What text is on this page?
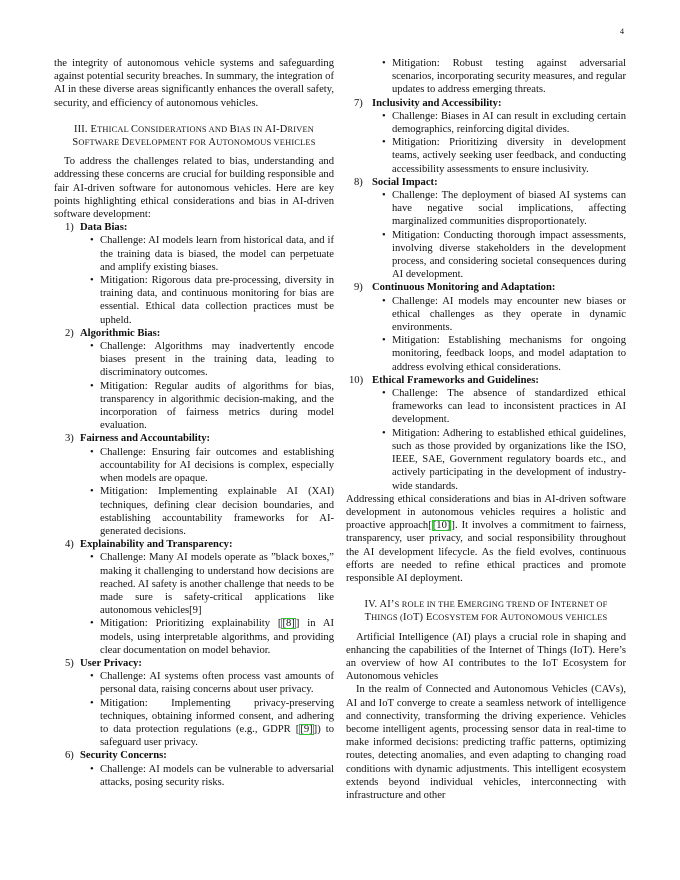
4

the integrity of autonomous vehicle systems and safeguarding against potential security breaches. In summary, the integration of AI in these diverse areas significantly enhances the overall safety, security, and efficiency of autonomous vehicles.

III. ETHICAL CONSIDERATIONS AND BIAS IN AI-DRIVEN
SOFTWARE DEVELOPMENT FOR AUTONOMOUS VEHICLES

To address the challenges related to bias, understanding and addressing these concerns are crucial for building responsible and fair AI-driven software for autonomous vehicles. Here are key points highlighting ethical considerations and bias in AI-driven software development:

1) Data Bias:
• Challenge: AI models learn from historical data, and if the training data is biased, the model can perpetuate and amplify existing biases.
• Mitigation: Rigorous data pre-processing, diversity in training data, and continuous monitoring for bias are essential. Ethical data collection practices must be upheld.
2) Algorithmic Bias:
• Challenge: Algorithms may inadvertently encode biases present in the training data, leading to discriminatory outcomes.
• Mitigation: Regular audits of algorithms for bias, transparency in algorithmic decision-making, and the incorporation of fairness metrics during model evaluation.
3) Fairness and Accountability:
• Challenge: Ensuring fair outcomes and establishing accountability for AI decisions is complex, especially when models are opaque.
• Mitigation: Implementing explainable AI (XAI) techniques, defining clear decision boundaries, and establishing accountability frameworks for AI-generated decisions.
4) Explainability and Transparency:
• Challenge: Many AI models operate as ”black boxes,” making it challenging to understand how decisions are reached. AI safety is another challenge that needs to be made sure is safety-critical applications like autonomous vehicles[9]
• Mitigation: Prioritizing explainability [[8]] in AI models, using interpretable algorithms, and providing clear documentation on model behavior.
5) User Privacy:
• Challenge: AI systems often process vast amounts of personal data, raising concerns about user privacy.
• Mitigation: Implementing privacy-preserving techniques, obtaining informed consent, and adhering to data protection regulations (e.g., GDPR [[9]]) to safeguard user privacy.
6) Security Concerns:
• Challenge: AI models can be vulnerable to adversarial attacks, posing security risks.
• Mitigation: Robust testing against adversarial scenarios, incorporating security measures, and regular updates to address emerging threats.
7) Inclusivity and Accessibility:
• Challenge: Biases in AI can result in excluding certain demographics, reinforcing digital divides.
• Mitigation: Prioritizing diversity in development teams, actively seeking user feedback, and conducting accessibility assessments to ensure inclusivity.
8) Social Impact:
• Challenge: The deployment of biased AI systems can have negative social implications, affecting marginalized communities disproportionately.
• Mitigation: Conducting thorough impact assessments, involving diverse stakeholders in the development process, and considering societal consequences during AI development.
9) Continuous Monitoring and Adaptation:
• Challenge: AI models may encounter new biases or ethical challenges as they operate in dynamic environments.
• Mitigation: Establishing mechanisms for ongoing monitoring, feedback loops, and model adaptation to address evolving ethical considerations.
10) Ethical Frameworks and Guidelines:
• Challenge: The absence of standardized ethical frameworks can lead to inconsistent practices in AI development.
• Mitigation: Adhering to established ethical guidelines, such as those provided by organizations like the ISO, IEEE, SAE, Government regulatory boards etc., and actively participating in the development of industry-wide standards.

Addressing ethical considerations and bias in AI-driven software development in autonomous vehicles requires a holistic and proactive approach[[10]]. It involves a commitment to fairness, transparency, user privacy, and social responsibility throughout the AI development lifecycle. As the field evolves, continuous efforts are needed to refine ethical practices and promote responsible AI deployment.

IV. AI’S ROLE IN THE EMERGING TREND OF INTERNET OF
THINGS (IOT) ECOSYSTEM FOR AUTONOMOUS VEHICLES

Artificial Intelligence (AI) plays a crucial role in shaping and enhancing the capabilities of the Internet of Things (IoT). Here’s an overview of how AI contributes to the IoT Ecosystem for Autonomous vehicles

In the realm of Connected and Autonomous Vehicles (CAVs), AI and IoT converge to create a seamless network of intelligence and connectivity, transforming the driving experience. Vehicles become intelligent agents, processing sensor data in real-time to make informed decisions: predicting traffic patterns, optimizing routes, detecting anomalies, and even adapting to changing road conditions with dynamic adjustments. This intelligent ecosystem extends beyond individual vehicles, interconnecting with infrastructure and other
